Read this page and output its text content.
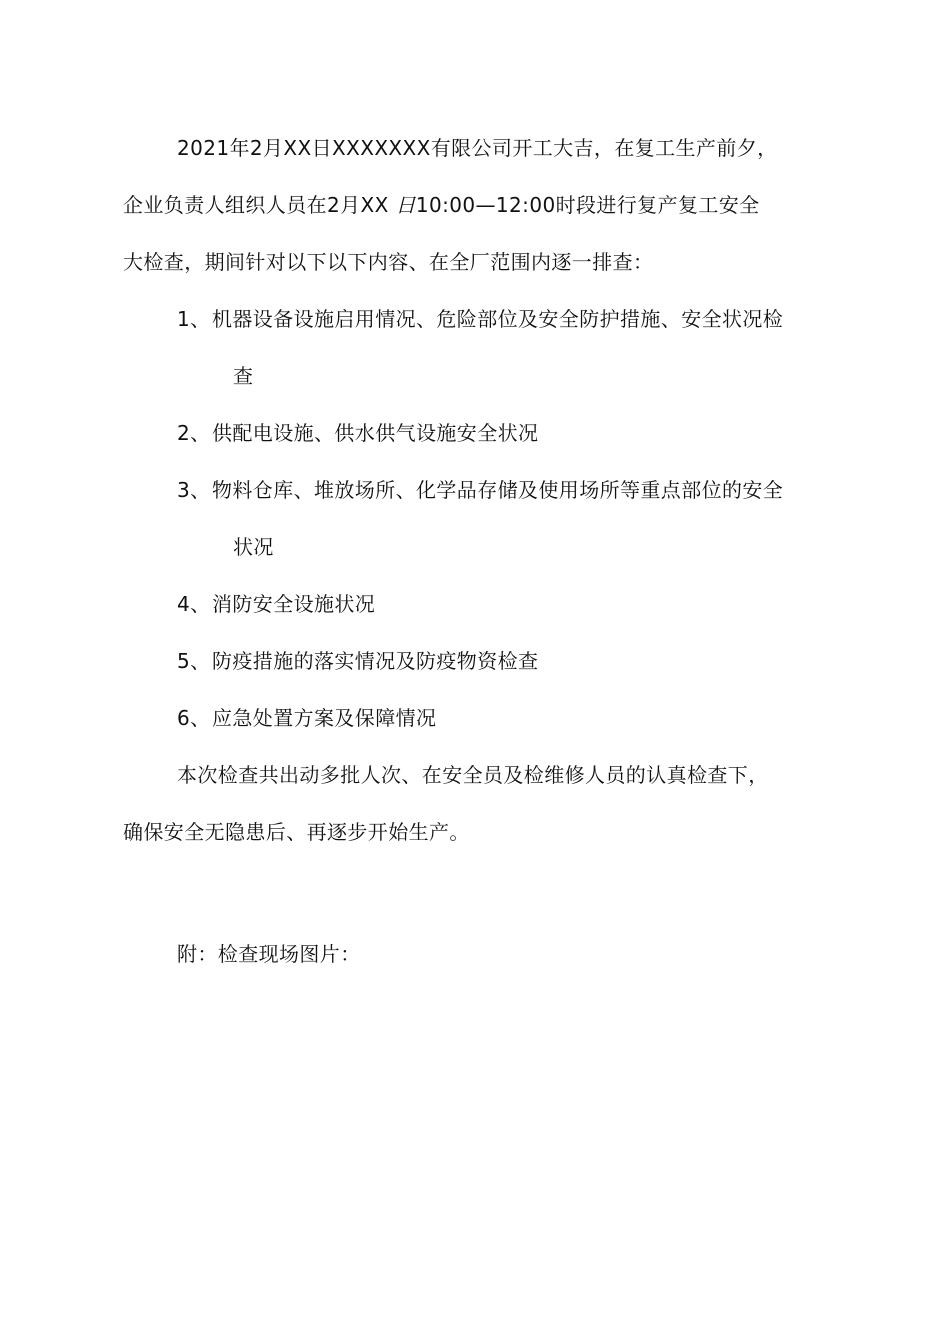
2021年2月XX日XXXXXXX有限公司开工大吉，在复工生产前夕，
企业负责人组织人员在2月XX 日10:00—12:00时段进行复产复工安全
大检查，期间针对以下以下内容、在全厂范围内逐一排查：
1、 机器设备设施启用情况、危险部位及安全防护措施、安全状况检
查
2、 供配电设施、供水供气设施安全状况
3、 物料仓库、堆放场所、化学品存储及使用场所等重点部位的安全
状况
4、 消防安全设施状况
5、 防疫措施的落实情况及防疫物资检查
6、 应急处置方案及保障情况
本次检查共出动多批人次、在安全员及检维修人员的认真检查下，
确保安全无隐患后、再逐步开始生产。
附：检查现场图片：
